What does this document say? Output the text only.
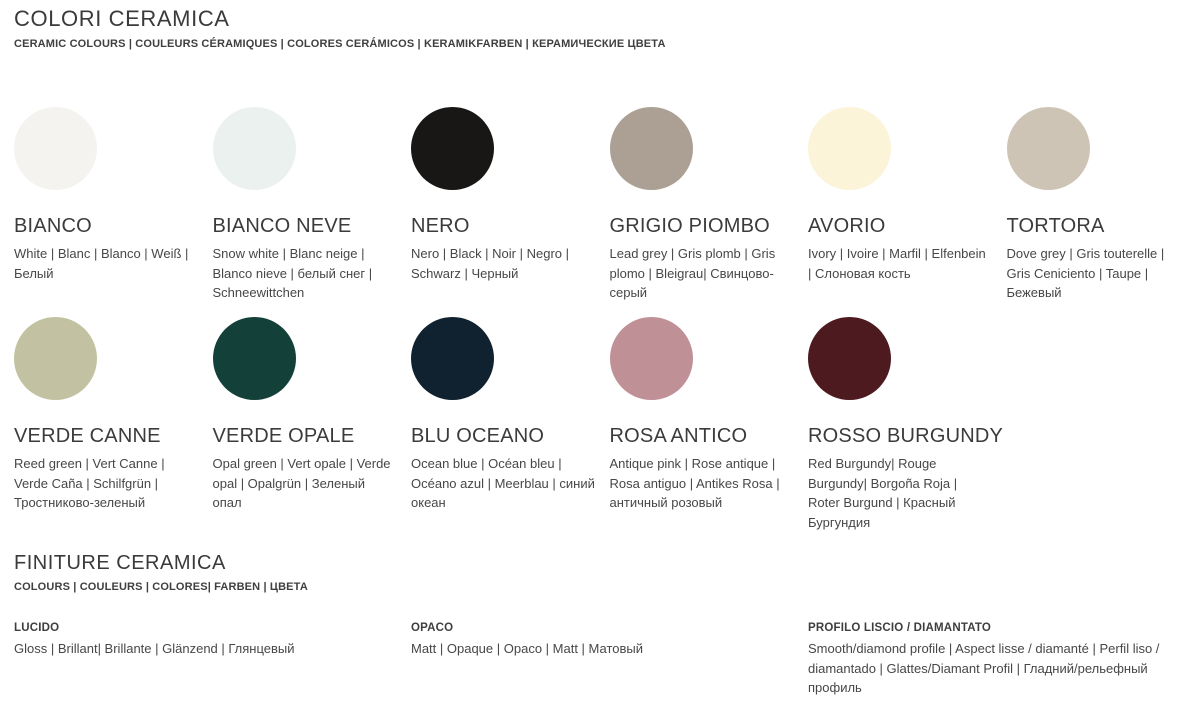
COLORI CERAMICA
CERAMIC COLOURS | COULEURS CÉRAMIQUES | COLORES CERÁMICOS | KERAMIKFARBEN | КЕРАМИЧЕСКИЕ ЦВЕТА
BIANCO
White | Blanc | Blanco | Weiß | Белый
BIANCO NEVE
Snow white | Blanc neige | Blanco nieve | белый снег | Schneewittchen
NERO
Nero | Black | Noir | Negro | Schwarz | Черный
GRIGIO PIOMBO
Lead grey | Gris plomb | Gris plomo | Bleigrau| Свинцово-серый
AVORIO
Ivory | Ivoire | Marfil | Elfenbein | Слоновая кость
TORTORA
Dove grey | Gris touterelle | Gris Ceniciento | Taupe | Бежевый
VERDE CANNE
Reed green | Vert Canne | Verde Caña | Schilfgrün | Тростниково-зеленый
VERDE OPALE
Opal green | Vert opale | Verde opal | Opalgrün | Зеленый опал
BLU OCEANO
Ocean blue | Océan bleu | Océano azul | Meerblau | синий океан
ROSA ANTICO
Antique pink | Rose antique | Rosa antiguo | Antikes Rosa | античный розовый
ROSSO BURGUNDY
Red Burgundy| Rouge Burgundy| Borgoña Roja | Roter Burgund | Красный Бургундия
FINITURE CERAMICA
COLOURS | COULEURS | COLORES| FARBEN | ЦВЕТА
LUCIDO
Gloss | Brillant| Brillante | Glänzend | Глянцевый
OPACO
Matt | Opaque | Opaco | Matt | Матовый
PROFILO LISCIO / DIAMANTATO
Smooth/diamond profile | Aspect lisse / diamanté | Perfil liso / diamantado | Glattes/Diamant Profil | Гладний/рельефный профиль
